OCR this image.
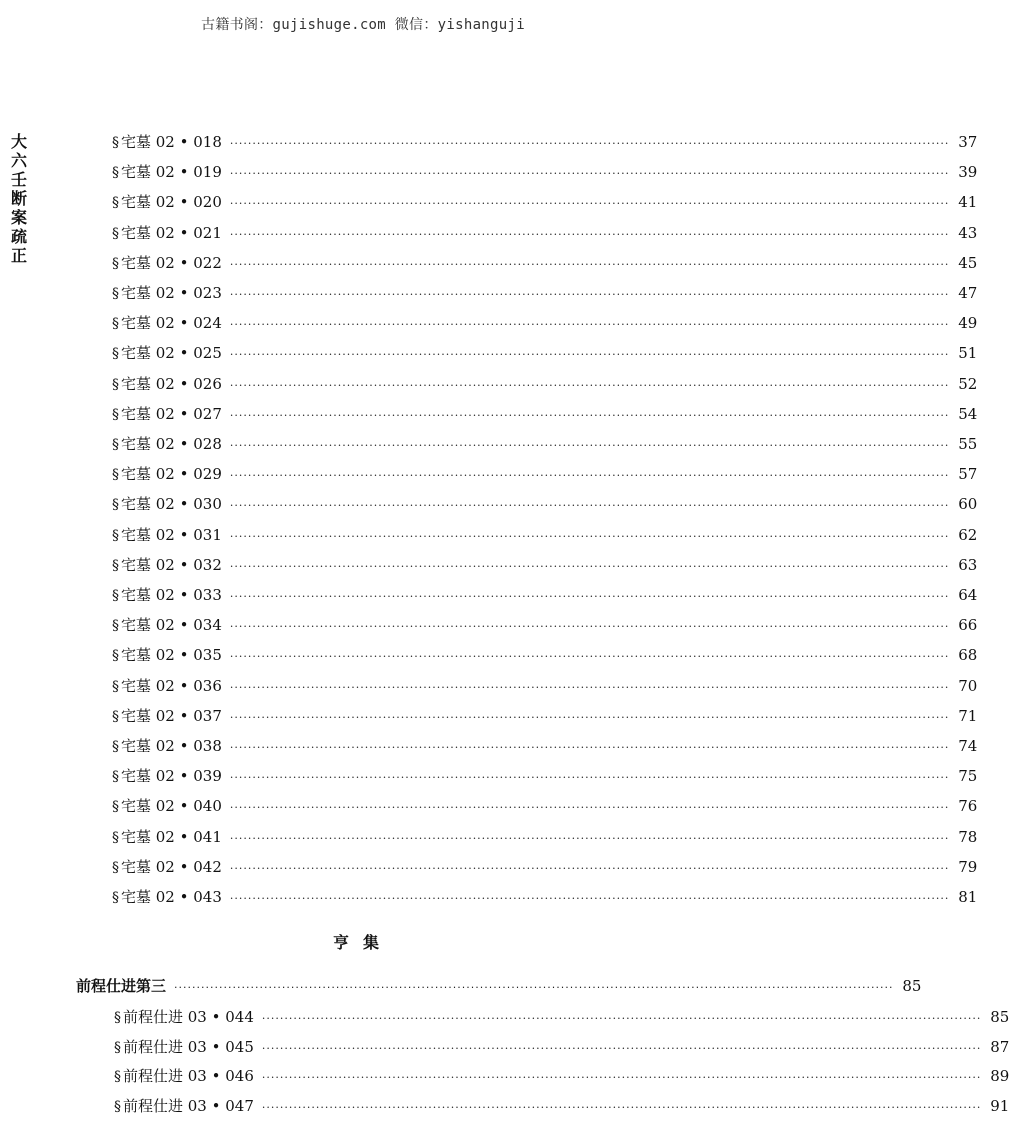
古籍书阁：gujishuge.com 微信：yishanguji
大
六
壬
断
案
疏
正
§ 宅墓 02 • 018 ································································································································································ 37
§ 宅墓 02 • 019 ································································································································································ 39
§ 宅墓 02 • 020 ································································································································································ 41
§ 宅墓 02 • 021 ································································································································································ 43
§ 宅墓 02 • 022 ································································································································································ 45
§ 宅墓 02 • 023 ································································································································································ 47
§ 宅墓 02 • 024 ································································································································································ 49
§ 宅墓 02 • 025 ································································································································································ 51
§ 宅墓 02 • 026 ································································································································································ 52
§ 宅墓 02 • 027 ································································································································································ 54
§ 宅墓 02 • 028 ································································································································································ 55
§ 宅墓 02 • 029 ································································································································································ 57
§ 宅墓 02 • 030 ································································································································································ 60
§ 宅墓 02 • 031 ································································································································································ 62
§ 宅墓 02 • 032 ································································································································································ 63
§ 宅墓 02 • 033 ································································································································································ 64
§ 宅墓 02 • 034 ································································································································································ 66
§ 宅墓 02 • 035 ································································································································································ 68
§ 宅墓 02 • 036 ································································································································································ 70
§ 宅墓 02 • 037 ································································································································································ 71
§ 宅墓 02 • 038 ································································································································································ 74
§ 宅墓 02 • 039 ································································································································································ 75
§ 宅墓 02 • 040 ································································································································································ 76
§ 宅墓 02 • 041 ································································································································································ 78
§ 宅墓 02 • 042 ································································································································································ 79
§ 宅墓 02 • 043 ································································································································································ 81
亨集
前程仕进第三 ································································································································································ 85
§ 前程仕进 03 • 044 ································································································································································ 85
§ 前程仕进 03 • 045 ································································································································································ 87
§ 前程仕进 03 • 046 ································································································································································ 89
§ 前程仕进 03 • 047 ································································································································································ 91
